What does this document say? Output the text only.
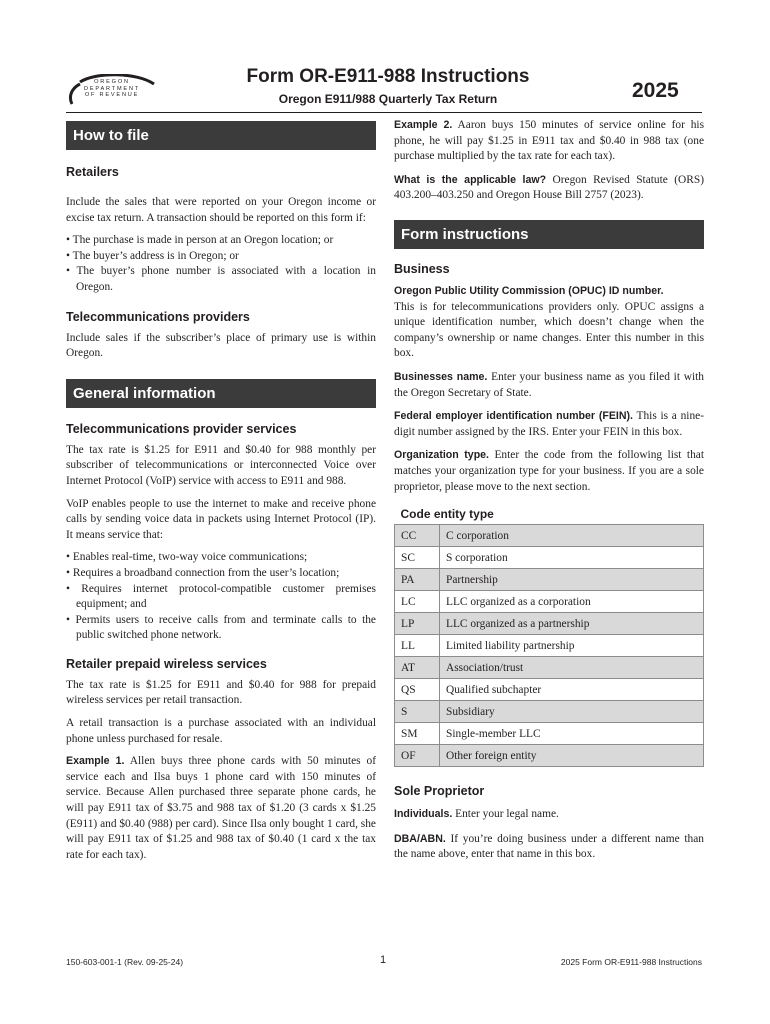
OREGON
DEPARTMENT
OF REVENUE
Form OR-E911-988 Instructions
Oregon E911/988 Quarterly Tax Return	2025
How to file
Retailers

Include the sales that were reported on your Oregon income or excise tax return. A transaction should be reported on this form if:

• The purchase is made in person at an Oregon location; or
• The buyer’s address is in Oregon; or
• The buyer’s phone number is associated with a location in Oregon.
Telecommunications providers

Include sales if the subscriber’s place of primary use is within Oregon.

General information
Telecommunications provider services

The tax rate is $1.25 for E911 and $0.40 for 988 monthly per subscriber of telecommunications or interconnected Voice over Internet Protocol (VoIP) service with access to E911 and 988.

VoIP enables people to use the internet to make and receive phone calls by sending voice data in packets using Internet Protocol (IP). It means service that:

• Enables real-time, two-way voice communications;
• Requires a broadband connection from the user’s location;
• Requires internet protocol-compatible customer premises equipment; and
• Permits users to receive calls from and terminate calls to the public switched phone network.
Retailer prepaid wireless services

The tax rate is $1.25 for E911 and $0.40 for 988 for prepaid wireless services per retail transaction.

A retail transaction is a purchase associated with an individual phone unless purchased for resale.

Example 1. Allen buys three phone cards with 50 minutes of service each and Ilsa buys 1 phone card with 150 minutes of service. Because Allen purchased three separate phone cards, he will pay E911 tax of $3.75 and 988 tax of $1.20 (3 cards x $1.25 (E911) and $0.40 (988) per card). Since Ilsa only bought 1 card, she will pay E911 tax of $1.25 and 988 tax of $0.40 (1 card x the tax rate for each tax).

Example 2. Aaron buys 150 minutes of service online for his phone, he will pay $1.25 in E911 tax and $0.40 in 988 tax (one purchase multiplied by the tax rate for each tax).

What is the applicable law? Oregon Revised Statute (ORS) 403.200–403.250 and Oregon House Bill 2757 (2023).

Form instructions
Business

Oregon Public Utility Commission (OPUC) ID number.

This is for telecommunications providers only. OPUC assigns a unique identification number, which doesn’t change when the company’s ownership or name changes. Enter this number in this box.

Businesses name. Enter your business name as you filed it with the Oregon Secretary of State.

Federal employer identification number (FEIN). This is a nine-digit number assigned by the IRS. Enter your FEIN in this box.

Organization type. Enter the code from the following list that matches your organization type for your business. If you are a sole proprietor, please move to the next section.

Code entity type	
CC	C corporation
SC	S corporation
PA	Partnership
LC	LLC organized as a corporation
LP	LLC organized as a partnership
LL	Limited liability partnership
AT	Association/trust
QS	Qualified subchapter
S	Subsidiary
SM	Single-member LLC
OF	Other foreign entity
Sole Proprietor

Individuals. Enter your legal name.

DBA/ABN. If you’re doing business under a different name than the name above, enter that name in this box.

150-603-001-1 (Rev. 09-25-24)	1	2025 Form OR-E911-988 Instructions
